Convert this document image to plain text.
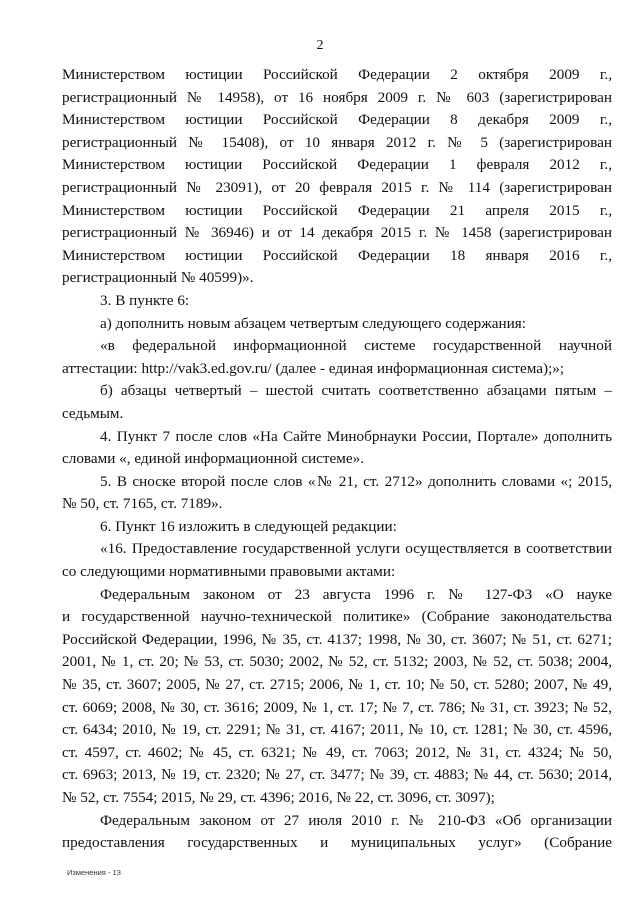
2
Министерством юстиции Российской Федерации 2 октября 2009 г.,
регистрационный № 14958), от 16 ноября 2009 г. № 603 (зарегистрирован
Министерством юстиции Российской Федерации 8 декабря 2009 г.,
регистрационный № 15408), от 10 января 2012 г. № 5 (зарегистрирован
Министерством юстиции Российской Федерации 1 февраля 2012 г.,
регистрационный № 23091), от 20 февраля 2015 г. № 114 (зарегистрирован
Министерством юстиции Российской Федерации 21 апреля 2015 г.,
регистрационный № 36946) и от 14 декабря 2015 г. № 1458 (зарегистрирован
Министерством юстиции Российской Федерации 18 января 2016 г.,
регистрационный № 40599)».
3. В пункте 6:
а) дополнить новым абзацем четвертым следующего содержания:
«в федеральной информационной системе государственной научной
аттестации: http://vak3.ed.gov.ru/ (далее - единая информационная система);»;
б) абзацы четвертый – шестой считать соответственно абзацами пятым –
седьмым.
4. Пункт 7 после слов «На Сайте Минобрнауки России, Портале» дополнить
словами «, единой информационной системе».
5. В сноске второй после слов «№ 21, ст. 2712» дополнить словами «; 2015,
№ 50, ст. 7165, ст. 7189».
6. Пункт 16 изложить в следующей редакции:
«16. Предоставление государственной услуги осуществляется в соответствии
со следующими нормативными правовыми актами:
Федеральным законом от 23 августа 1996 г. № 127-ФЗ «О науке
и государственной научно-технической политике» (Собрание законодательства
Российской Федерации, 1996, № 35, ст. 4137; 1998, № 30, ст. 3607; № 51, ст. 6271;
2001, № 1, ст. 20; № 53, ст. 5030; 2002, № 52, ст. 5132; 2003, № 52, ст. 5038; 2004,
№ 35, ст. 3607; 2005, № 27, ст. 2715; 2006, № 1, ст. 10; № 50, ст. 5280; 2007, № 49,
ст. 6069; 2008, № 30, ст. 3616; 2009, № 1, ст. 17; № 7, ст. 786; № 31, ст. 3923; № 52,
ст. 6434; 2010, № 19, ст. 2291; № 31, ст. 4167; 2011, № 10, ст. 1281; № 30, ст. 4596,
ст. 4597, ст. 4602; № 45, ст. 6321; № 49, ст. 7063; 2012, № 31, ст. 4324; № 50,
ст. 6963; 2013, № 19, ст. 2320; № 27, ст. 3477; № 39, ст. 4883; № 44, ст. 5630; 2014,
№ 52, ст. 7554; 2015, № 29, ст. 4396; 2016, № 22, ст. 3096, ст. 3097);
Федеральным законом от 27 июля 2010 г. № 210-ФЗ «Об организации
предоставления государственных и муниципальных услуг» (Собрание
Изменения - 13
